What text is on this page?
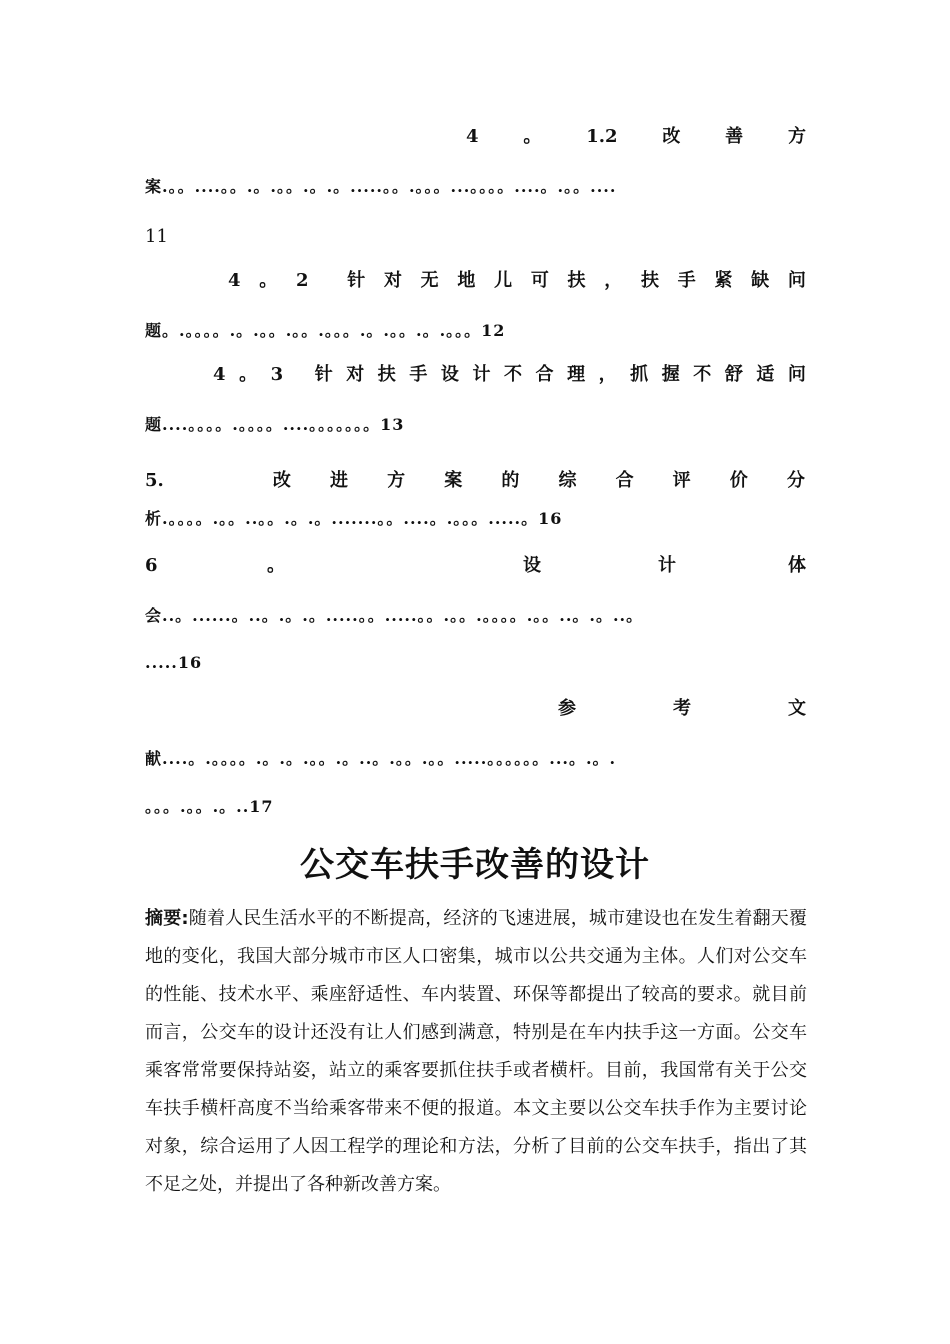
4 。 1.2 改 善 方
案.。。....。。.。.。。.。.。.....。。.。。。...。。。。....。.。。....
11
4 。 2 针 对 无 地 儿 可 扶 ， 扶 手 紧 缺 问
题。.。。。。.。.。。.。。.。。。.。.。。.。.。。。12
4 。 3 针 对 扶 手 设 计 不 合 理 ， 抓 握 不 舒 适 问
题....。。。。.。。。。....。。。。。。。13
5.	改 进 方 案 的 综 合 评 价 分
析.。。。。.。。..。。.。.。.......。。....。.。。。.....。16
6	。	设	计	体
会..。......。..。.。.。.....。。.....。。.。。.。。。。.。。..。.。..。
.....16
参	考	文
献....。.。。。。.。.。.。。.。..。.。。.。。.....。。。。。。...。.。.
。。。.。。.。..17
公交车扶手改善的设计
摘要:随着人民生活水平的不断提高，经济的飞速进展，城市建设也在发生着翻天覆地的变化，我国大部分城市市区人口密集，城市以公共交通为主体。人们对公交车的性能、技术水平、乘座舒适性、车内装置、环保等都提出了较高的要求。就目前而言，公交车的设计还没有让人们感到满意，特别是在车内扶手这一方面。公交车乘客常常要保持站姿，站立的乘客要抓住扶手或者横杆。目前，我国常有关于公交车扶手横杆高度不当给乘客带来不便的报道。本文主要以公交车扶手作为主要讨论对象，综合运用了人因工程学的理论和方法，分析了目前的公交车扶手，指出了其不足之处，并提出了各种新改善方案。
